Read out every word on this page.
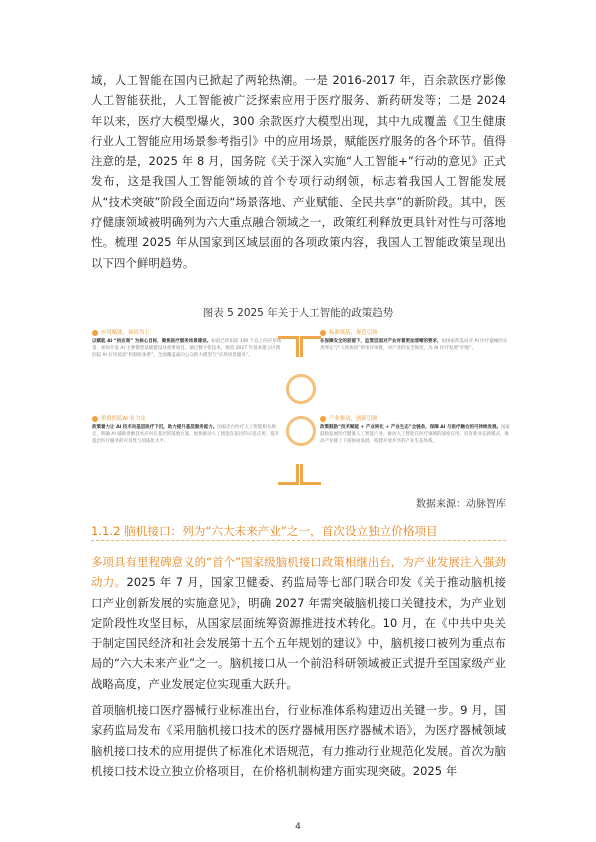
域，人工智能在国内已掀起了两轮热潮。一是 2016-2017 年，百余款医疗影像人工智能获批，人工智能被广泛探索应用于医疗服务、新药研发等；二是 2024 年以来，医疗大模型爆火，300 余款医疗大模型出现，其中九成覆盖《卫生健康行业人工智能应用场景参考指引》中的应用场景，赋能医疗服务的各个环节。值得注意的是，2025 年 8 月，国务院《关于深入实施“人工智能+”行动的意见》正式发布，这是我国人工智能领域的首个专项行动纲领，标志着我国人工智能发展从“技术突破”阶段全面迈向“场景落地、产业赋能、全民共享”的新阶段。其中，医疗健康领域被明确列为六大重点融合领域之一，政策红利释放更具针对性与可落地性。梳理 2025 年从国家到区域层面的各项政策内容，我国人工智能政策呈现出以下四个鲜明趋势。
图表 5 2025 年关于人工智能的政策趋势
应用赋能，场景为王
以赋能 AI “供应商” 为核心目标，聚焦医疗服务场景建设。如前已经知道 100 个以上的应用场景，加快开发 AI 主要模型基础建设及重要项目，通过数字化技术，推进 2027 年基本建立区域医院 AI 应用场景“机制化体系”，全面覆盖面向公众的大模型与“应用场景服务”。
标准筑基，规范引领
在保障安全的前提下，监管层面对产业有着更加清晰的要求，如国家药监局对 AI 医疗器械的分类界定与“人机协同”的审评审批，对产业的安全规范，为 AI 医疗发展“护航”。
价值医院AI 有力支
政策着力让 AI 技术向基层医疗下沉，助力提升基层服务能力。国家出台医疗人工智能相关规定，明确 AI 辅助诊断技术应用在基层的落地方案，加快推动人工智能在基层的示范应用，提升基层医疗服务的可及性与同质化水平。
产业驱动，创新引领
政策鼓励“技术赋能 + 产业转化 + 产业生态”全链条，保障 AI 与医疗融合的可持续发展。国家鼓励发展医疗健康人工智能产业，推动人工智能在医疗领域的深度应用，培育新业态新模式，推动产业链上下游协同发展，构建开放共享的产业生态体系。
数据来源：动脉智库
1.1.2 脑机接口：列为“六大未来产业”之一，首次设立独立价格项目
多项具有里程碑意义的“首个”国家级脑机接口政策相继出台，为产业发展注入强劲动力。2025 年 7 月，国家卫健委、药监局等七部门联合印发《关于推动脑机接口产业创新发展的实施意见》，明确 2027 年需突破脑机接口关键技术，为产业划定阶段性攻坚目标，从国家层面统筹资源推进技术转化。10 月，在《中共中央关于制定国民经济和社会发展第十五个五年规划的建议》中，脑机接口被列为重点布局的“六大未来产业”之一。脑机接口从一个前沿科研领域被正式提升至国家级产业战略高度，产业发展定位实现重大跃升。
首项脑机接口医疗器械行业标准出台，行业标准体系构建迈出关键一步。9 月，国家药监局发布《采用脑机接口技术的医疗器械用医疗器械术语》，为医疗器械领域脑机接口技术的应用提供了标准化术语规范，有力推动行业规范化发展。首次为脑机接口技术设立独立价格项目，在价格机制构建方面实现突破。2025 年
4
